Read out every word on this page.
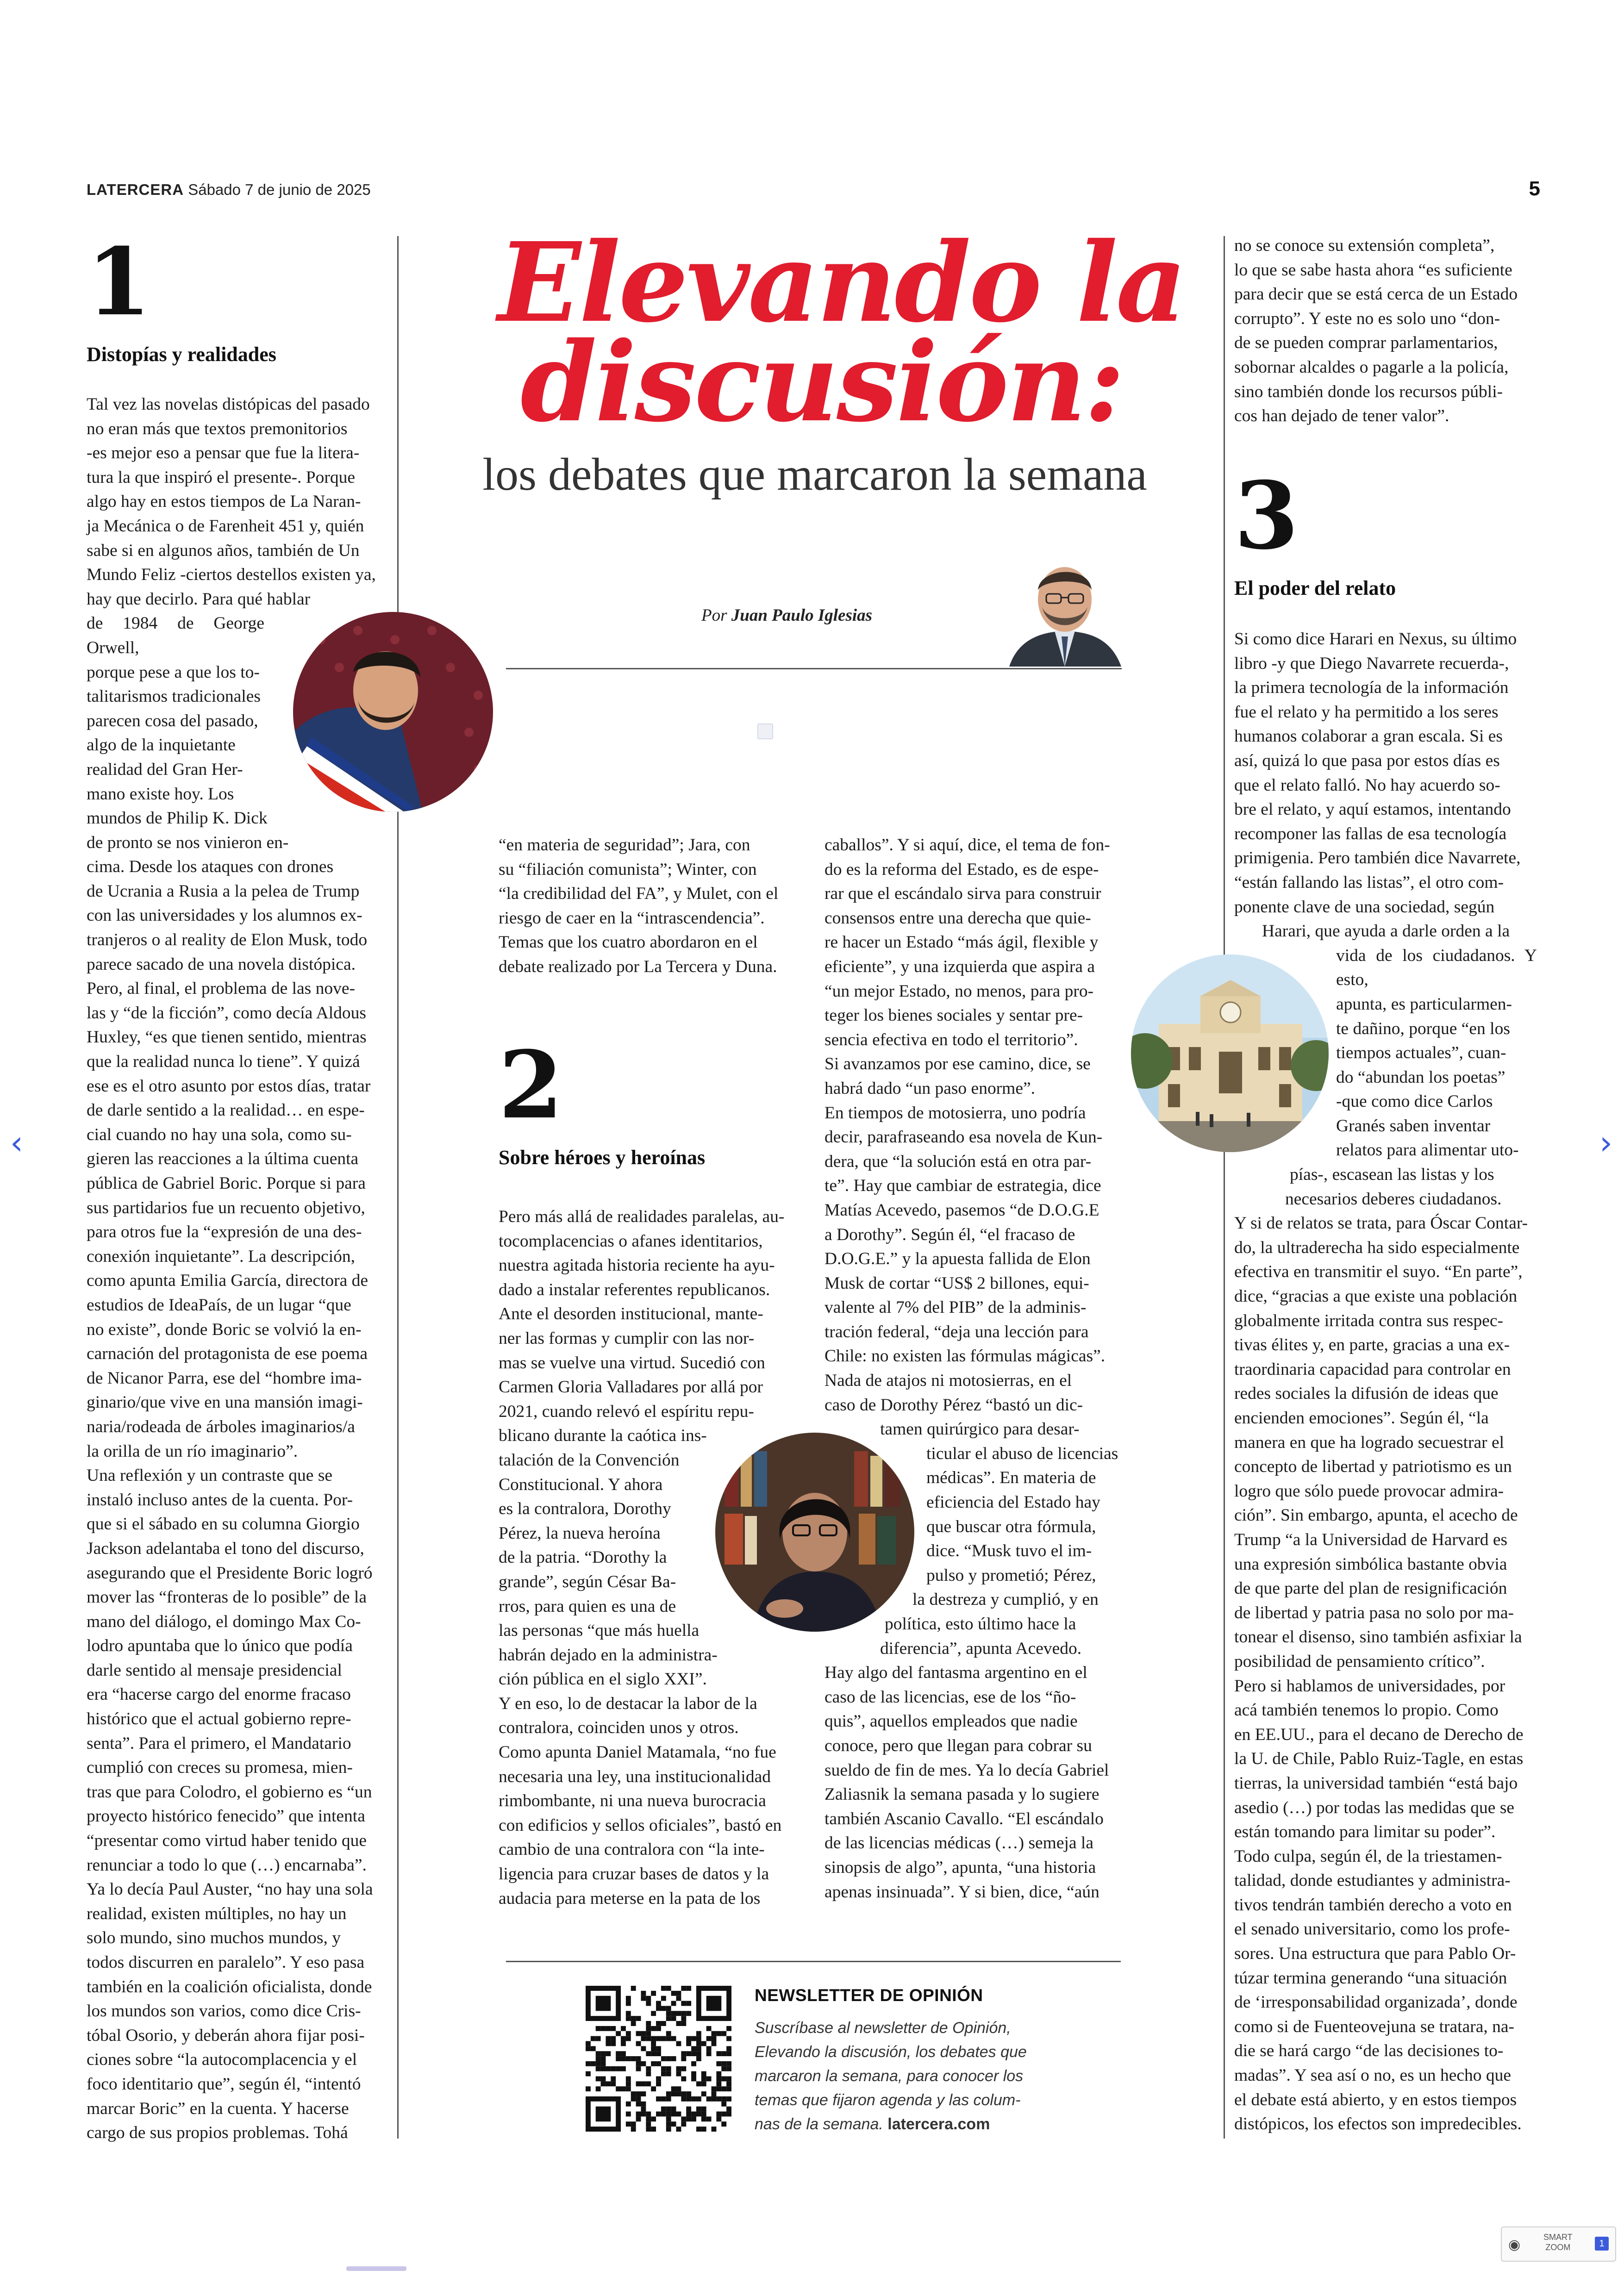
LATERCERA Sábado 7 de junio de 2025	5
Elevando la
discusión:
los debates que marcaron la semana
Por Juan Paulo Iglesias
1
Distopías y realidades

Tal vez las novelas distópicas del pasado

no eran más que textos premonitorios

-es mejor eso a pensar que fue la litera-

tura la que inspiró el presente-. Porque

algo hay en estos tiempos de La Naran-

ja Mecánica o de Farenheit 451 y, quién

sabe si en algunos años, también de Un

Mundo Feliz -ciertos destellos existen ya,

hay que decirlo. Para qué hablar

de 1984 de George Orwell,

porque pese a que los to-

talitarismos tradicionales

parecen cosa del pasado,

algo de la inquietante

realidad del Gran Her-

mano existe hoy. Los

mundos de Philip K. Dick

de pronto se nos vinieron en-

cima. Desde los ataques con drones

de Ucrania a Rusia a la pelea de Trump

con las universidades y los alumnos ex-

tranjeros o al reality de Elon Musk, todo

parece sacado de una novela distópica.

Pero, al final, el problema de las nove-

las y “de la ficción”, como decía Aldous

Huxley, “es que tienen sentido, mientras

que la realidad nunca lo tiene”. Y quizá

ese es el otro asunto por estos días, tratar

de darle sentido a la realidad… en espe-

cial cuando no hay una sola, como su-

gieren las reacciones a la última cuenta

pública de Gabriel Boric. Porque si para

sus partidarios fue un recuento objetivo,

para otros fue la “expresión de una des-

conexión inquietante”. La descripción,

como apunta Emilia García, directora de

estudios de IdeaPaís, de un lugar “que

no existe”, donde Boric se volvió la en-

carnación del protagonista de ese poema

de Nicanor Parra, ese del “hombre ima-

ginario/que vive en una mansión imagi-

naria/rodeada de árboles imaginarios/a

la orilla de un río imaginario”.

Una reflexión y un contraste que se

instaló incluso antes de la cuenta. Por-

que si el sábado en su columna Giorgio

Jackson adelantaba el tono del discurso,

asegurando que el Presidente Boric logró

mover las “fronteras de lo posible” de la

mano del diálogo, el domingo Max Co-

lodro apuntaba que lo único que podía

darle sentido al mensaje presidencial

era “hacerse cargo del enorme fracaso

histórico que el actual gobierno repre-

senta”. Para el primero, el Mandatario

cumplió con creces su promesa, mien-

tras que para Colodro, el gobierno es “un

proyecto histórico fenecido” que intenta

“presentar como virtud haber tenido que

renunciar a todo lo que (…) encarnaba”.

Ya lo decía Paul Auster, “no hay una sola

realidad, existen múltiples, no hay un

solo mundo, sino muchos mundos, y

todos discurren en paralelo”. Y eso pasa

también en la coalición oficialista, donde

los mundos son varios, como dice Cris-

tóbal Osorio, y deberán ahora fijar posi-

ciones sobre “la autocomplacencia y el

foco identitario que”, según él, “intentó

marcar Boric” en la cuenta. Y hacerse

cargo de sus propios problemas. Tohá

“en materia de seguridad”; Jara, con

su “filiación comunista”; Winter, con

“la credibilidad del FA”, y Mulet, con el

riesgo de caer en la “intrascendencia”.

Temas que los cuatro abordaron en el

debate realizado por La Tercera y Duna.

2
Sobre héroes y heroínas

Pero más allá de realidades paralelas, au-

tocomplacencias o afanes identitarios,

nuestra agitada historia reciente ha ayu-

dado a instalar referentes republicanos.

Ante el desorden institucional, mante-

ner las formas y cumplir con las nor-

mas se vuelve una virtud. Sucedió con

Carmen Gloria Valladares por allá por

2021, cuando relevó el espíritu repu-

blicano durante la caótica ins-

talación de la Convención

Constitucional. Y ahora

es la contralora, Dorothy

Pérez, la nueva heroína

de la patria. “Dorothy la

grande”, según César Ba-

rros, para quien es una de

las personas “que más huella

habrán dejado en la administra-

ción pública en el siglo XXI”.

Y en eso, lo de destacar la labor de la

contralora, coinciden unos y otros.

Como apunta Daniel Matamala, “no fue

necesaria una ley, una institucionalidad

rimbombante, ni una nueva burocracia

con edificios y sellos oficiales”, bastó en

cambio de una contralora con “la inte-

ligencia para cruzar bases de datos y la

audacia para meterse en la pata de los

caballos”. Y si aquí, dice, el tema de fon-

do es la reforma del Estado, es de espe-

rar que el escándalo sirva para construir

consensos entre una derecha que quie-

re hacer un Estado “más ágil, flexible y

eficiente”, y una izquierda que aspira a

“un mejor Estado, no menos, para pro-

teger los bienes sociales y sentar pre-

sencia efectiva en todo el territorio”.

Si avanzamos por ese camino, dice, se

habrá dado “un paso enorme”.

En tiempos de motosierra, uno podría

decir, parafraseando esa novela de Kun-

dera, que “la solución está en otra par-

te”. Hay que cambiar de estrategia, dice

Matías Acevedo, pasemos “de D.O.G.E

a Dorothy”. Según él, “el fracaso de

D.O.G.E.” y la apuesta fallida de Elon

Musk de cortar “US$ 2 billones, equi-

valente al 7% del PIB” de la adminis-

tración federal, “deja una lección para

Chile: no existen las fórmulas mágicas”.

Nada de atajos ni motosierras, en el

caso de Dorothy Pérez “bastó un dic-

tamen quirúrgico para desar-

ticular el abuso de licencias

médicas”. En materia de

eficiencia del Estado hay

que buscar otra fórmula,

dice. “Musk tuvo el im-

pulso y prometió; Pérez,

la destreza y cumplió, y en

política, esto último hace la

diferencia”, apunta Acevedo.

Hay algo del fantasma argentino en el

caso de las licencias, ese de los “ño-

quis”, aquellos empleados que nadie

conoce, pero que llegan para cobrar su

sueldo de fin de mes. Ya lo decía Gabriel

Zaliasnik la semana pasada y lo sugiere

también Ascanio Cavallo. “El escándalo

de las licencias médicas (…) semeja la

sinopsis de algo”, apunta, “una historia

apenas insinuada”. Y si bien, dice, “aún

no se conoce su extensión completa”,

lo que se sabe hasta ahora “es suficiente

para decir que se está cerca de un Estado

corrupto”. Y este no es solo uno “don-

de se pueden comprar parlamentarios,

sobornar alcaldes o pagarle a la policía,

sino también donde los recursos públi-

cos han dejado de tener valor”.

3
El poder del relato

Si como dice Harari en Nexus, su último

libro -y que Diego Navarrete recuerda-,

la primera tecnología de la información

fue el relato y ha permitido a los seres

humanos colaborar a gran escala. Si es

así, quizá lo que pasa por estos días es

que el relato falló. No hay acuerdo so-

bre el relato, y aquí estamos, intentando

recomponer las fallas de esa tecnología

primigenia. Pero también dice Navarrete,

“están fallando las listas”, el otro com-

ponente clave de una sociedad, según

Harari, que ayuda a darle orden a la

vida de los ciudadanos. Y esto,

apunta, es particularmen-

te dañino, porque “en los

tiempos actuales”, cuan-

do “abundan los poetas”

-que como dice Carlos

Granés saben inventar

relatos para alimentar uto-

pías-, escasean las listas y los

necesarios deberes ciudadanos.

Y si de relatos se trata, para Óscar Contar-

do, la ultraderecha ha sido especialmente

efectiva en transmitir el suyo. “En parte”,

dice, “gracias a que existe una población

globalmente irritada contra sus respec-

tivas élites y, en parte, gracias a una ex-

traordinaria capacidad para controlar en

redes sociales la difusión de ideas que

encienden emociones”. Según él, “la

manera en que ha logrado secuestrar el

concepto de libertad y patriotismo es un

logro que sólo puede provocar admira-

ción”. Sin embargo, apunta, el acecho de

Trump “a la Universidad de Harvard es

una expresión simbólica bastante obvia

de que parte del plan de resignificación

de libertad y patria pasa no solo por ma-

tonear el disenso, sino también asfixiar la

posibilidad de pensamiento crítico”.

Pero si hablamos de universidades, por

acá también tenemos lo propio. Como

en EE.UU., para el decano de Derecho de

la U. de Chile, Pablo Ruiz-Tagle, en estas

tierras, la universidad también “está bajo

asedio (…) por todas las medidas que se

están tomando para limitar su poder”.

Todo culpa, según él, de la triestamen-

talidad, donde estudiantes y administra-

tivos tendrán también derecho a voto en

el senado universitario, como los profe-

sores. Una estructura que para Pablo Or-

túzar termina generando “una situación

de ‘irresponsabilidad organizada’, donde

como si de Fuenteovejuna se tratara, na-

die se hará cargo “de las decisiones to-

madas”. Y sea así o no, es un hecho que

el debate está abierto, y en estos tiempos

distópicos, los efectos son impredecibles.

NEWSLETTER DE OPINIÓN
Suscríbase al newsletter de Opinión,
Elevando la discusión, los debates que
marcaron la semana, para conocer los
temas que fijaron agenda y las colum-
nas de la semana. latercera.com
‹	›
◉	SMART
ZOOM	1
